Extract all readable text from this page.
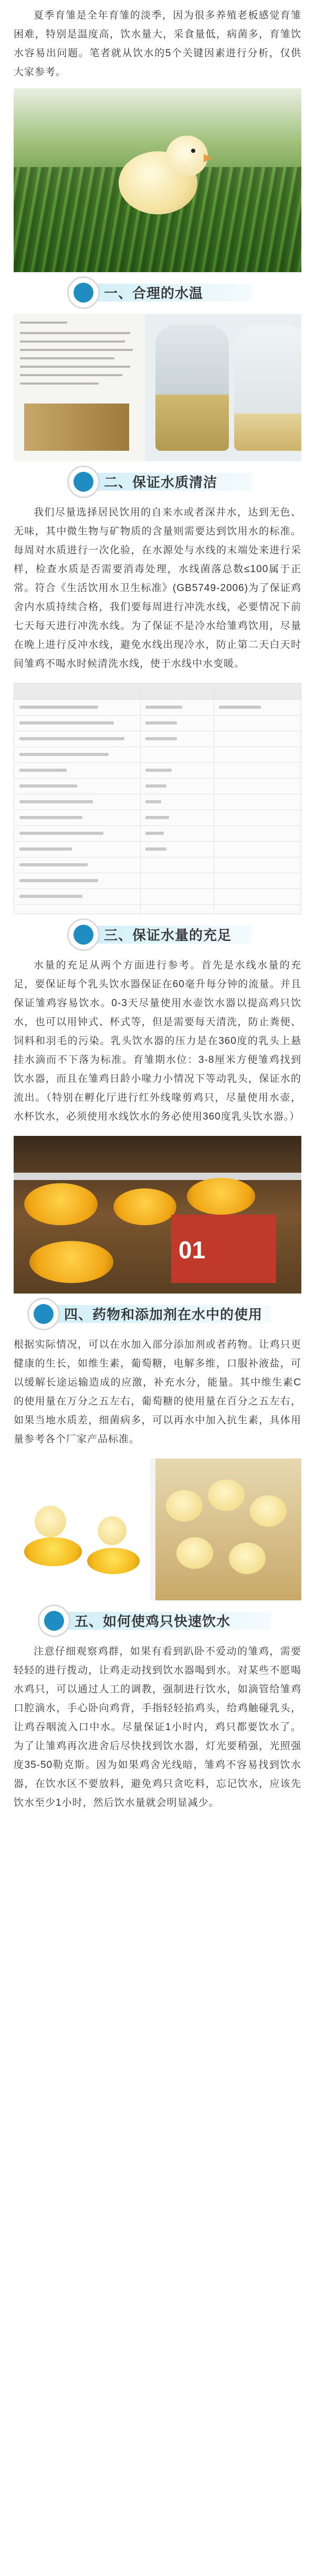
夏季育雏是全年育雏的淡季，因为很多养殖老板感觉育雏困难，特别是温度高，饮水量大，采食量低，病菌多，育雏饮水容易出问题。笔者就从饮水的5个关键因素进行分析，仅供大家参考。

一、合理的水温
二、保证水质清洁

我们尽量选择居民饮用的自来水或者深井水，达到无色、无味，其中微生物与矿物质的含量则需要达到饮用水的标准。每周对水质进行一次化验，在水源处与水线的末端处来进行采样，检查水质是否需要消毒处理，水线菌落总数≤100属于正常。符合《生活饮用水卫生标准》(GB5749-2006)为了保证鸡舍内水质持续合格，我们要每周进行冲洗水线，必要情况下前七天每天进行冲洗水线。为了保证不是冷水给雏鸡饮用，尽量在晚上进行反冲水线，避免水线出现冷水，防止第二天白天时间雏鸡不喝水时候清洗水线，使于水线中水变暖。

三、保证水量的充足

水量的充足从两个方面进行参考。首先是水线水量的充足，要保证每个乳头饮水器保证在60毫升每分钟的流量。并且保证雏鸡容易饮水。0-3天尽量使用水壶饮水器以提高鸡只饮水，也可以用钟式、杯式等，但是需要每天清洗，防止粪便、饲料和羽毛的污染。乳头饮水器的压力是在360度的乳头上悬挂水滴而不下落为标准。育雏期水位：3-8厘米方便雏鸡找到饮水器，而且在雏鸡日龄小喙力小情况下等动乳头，保证水的流出。（特别在孵化厅进行红外线喙剪鸡只，尽量使用水壶，水杯饮水，必须使用水线饮水的务必使用360度乳头饮水器。）

01
四、药物和添加剂在水中的使用

根据实际情况，可以在水加入部分添加剂或者药物。让鸡只更健康的生长，如维生素，葡萄糖，电解多维，口服补液盐，可以缓解长途运输造成的应激，补充水分，能量。其中维生素C的使用量在万分之五左右，葡萄糖的使用量在百分之五左右，如果当地水质差，细菌病多，可以再水中加入抗生素，具体用量参考各个厂家产品标准。

五、如何使鸡只快速饮水

注意仔细观察鸡群，如果有看到趴卧不爱动的雏鸡，需要轻轻的进行拨动，让鸡走动找到饮水器喝到水。对某些不愿喝水鸡只，可以通过人工的调教，强制进行饮水，如滴管给雏鸡口腔滴水，手心卧向鸡背，手指轻轻掐鸡头，给鸡触碰乳头，让鸡吞咽流入口中水。尽量保证1小时内，鸡只都要饮水了。为了让雏鸡再次进舍后尽快找到饮水器，灯光要稍强，光照强度35-50勒克斯。因为如果鸡舍光线暗，雏鸡不容易找到饮水器，在饮水区不要放料，避免鸡只贪吃料，忘记饮水，应该先饮水至少1小时，然后饮水量就会明显减少。
